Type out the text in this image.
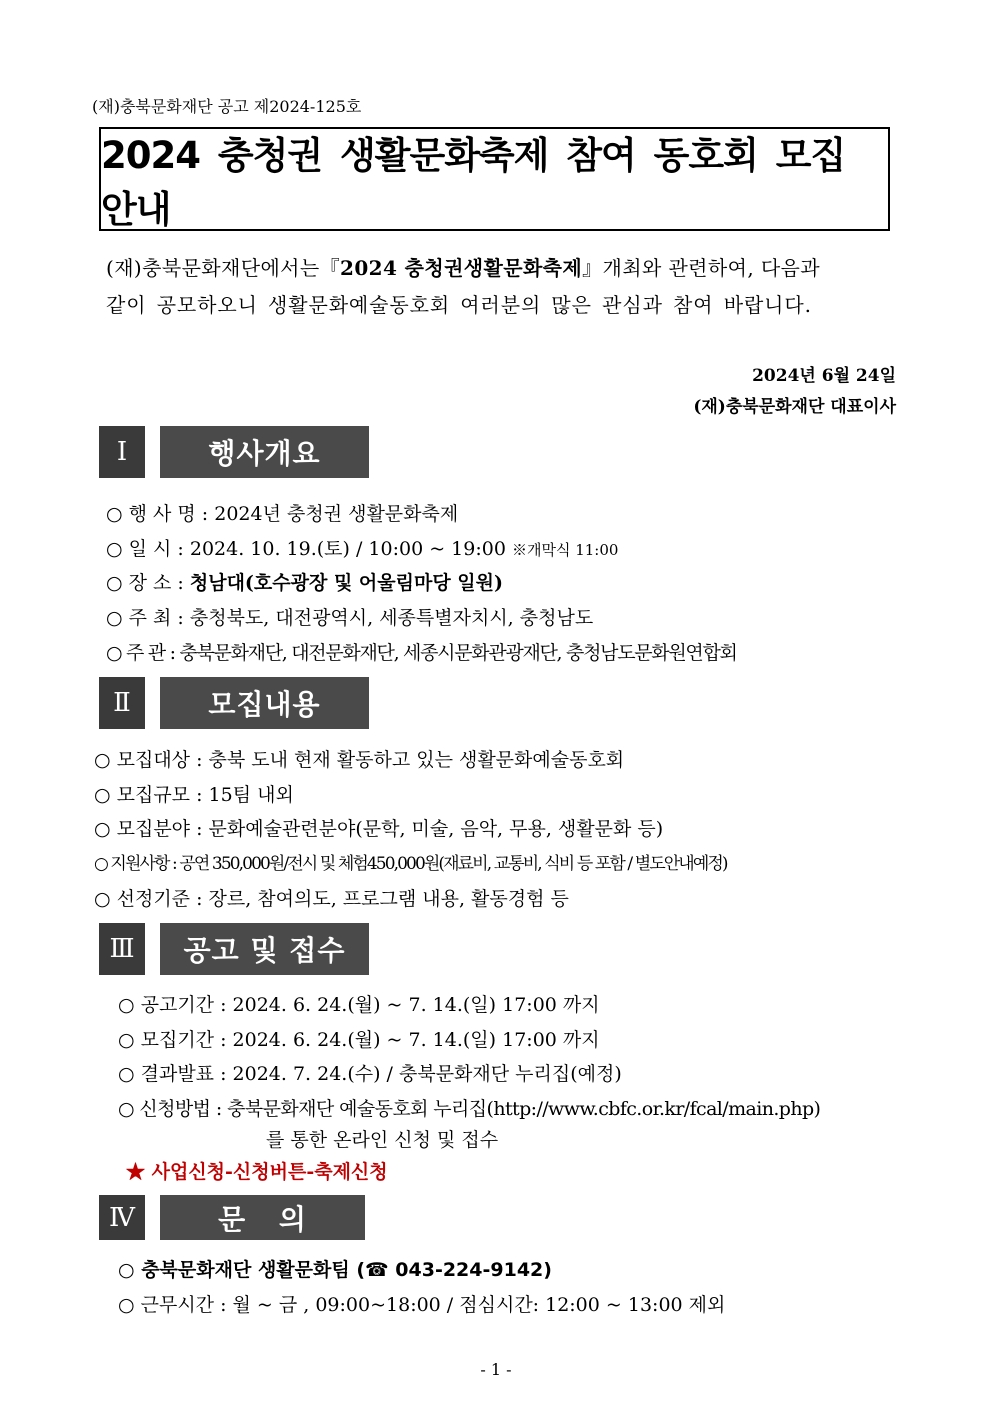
(재)충북문화재단 공고 제2024-125호
2024 충청권 생활문화축제 참여 동호회 모집 안내
(재)충북문화재단에서는『2024 충청권생활문화축제』개최와 관련하여, 다음과
같이 공모하오니 생활문화예술동호회 여러분의 많은 관심과 참여 바랍니다.
2024년 6월 24일
(재)충북문화재단 대표이사
Ⅰ	행사개요
○ 행 사 명 : 2024년 충청권 생활문화축제
○ 일 시 : 2024. 10. 19.(토) / 10:00 ~ 19:00 ※개막식 11:00
○ 장 소 : 청남대(호수광장 및 어울림마당 일원)
○ 주 최 : 충청북도, 대전광역시, 세종특별자치시, 충청남도
○ 주 관 : 충북문화재단, 대전문화재단, 세종시문화관광재단, 충청남도문화원연합회
Ⅱ	모집내용
○ 모집대상 : 충북 도내 현재 활동하고 있는 생활문화예술동호회
○ 모집규모 : 15팀 내외
○ 모집분야 : 문화예술관련분야(문학, 미술, 음악, 무용, 생활문화 등)
○ 지원사항 : 공연 350,000원/전시 및 체험450,000원(재료비, 교통비, 식비 등 포함 / 별도안내예정)
○ 선정기준 : 장르, 참여의도, 프로그램 내용, 활동경험 등
Ⅲ	공고 및 접수
○ 공고기간 : 2024. 6. 24.(월) ~ 7. 14.(일) 17:00 까지
○ 모집기간 : 2024. 6. 24.(월) ~ 7. 14.(일) 17:00 까지
○ 결과발표 : 2024. 7. 24.(수) / 충북문화재단 누리집(예정)
○ 신청방법 : 충북문화재단 예술동호회 누리집(http://www.cbfc.or.kr/fcal/main.php)
를 통한 온라인 신청 및 접수
★ 사업신청-신청버튼-축제신청
Ⅳ	문 의
○ 충북문화재단 생활문화팀 (☎ 043-224-9142)
○ 근무시간 : 월 ~ 금 , 09:00~18:00 / 점심시간: 12:00 ~ 13:00 제외
- 1 -
